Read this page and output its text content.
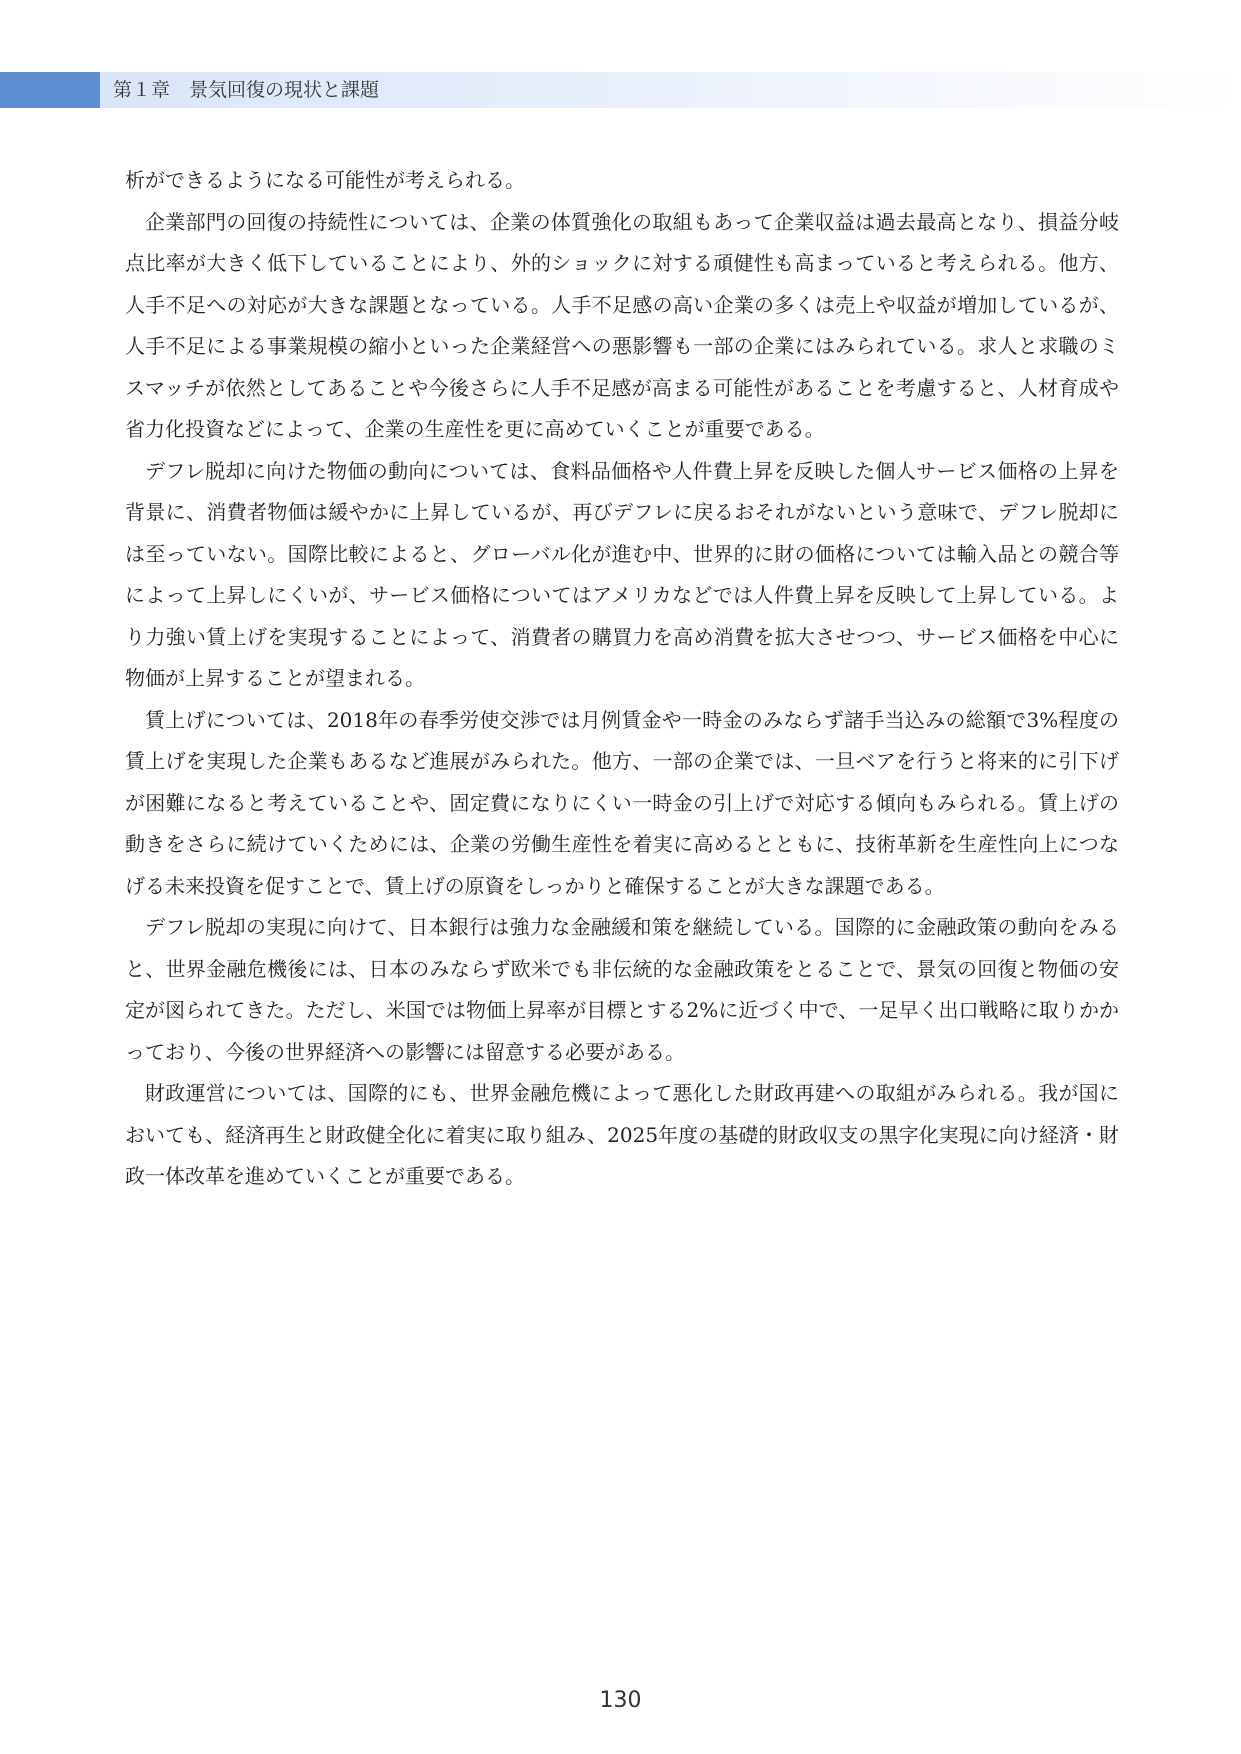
第１章　 景気回復の現状と課題

析ができるようになる可能性が考えられる。

企業部門の回復の持続性については、企業の体質強化の取組もあって企業収益は過去最高となり、損益分岐点比率が大きく低下していることにより、外的ショックに対する頑健性も高まっていると考えられる。他方、人手不足への対応が大きな課題となっている。人手不足感の高い企業の多くは売上や収益が増加しているが、人手不足による事業規模の縮小といった企業経営への悪影響も一部の企業にはみられている。求人と求職のミスマッチが依然としてあることや今後さらに人手不足感が高まる可能性があることを考慮すると、人材育成や省力化投資などによって、企業の生産性を更に高めていくことが重要である。

デフレ脱却に向けた物価の動向については、食料品価格や人件費上昇を反映した個人サービス価格の上昇を背景に、消費者物価は緩やかに上昇しているが、再びデフレに戻るおそれがないという意味で、デフレ脱却には至っていない。国際比較によると、グローバル化が進む中、世界的に財の価格については輸入品との競合等によって上昇しにくいが、サービス価格についてはアメリカなどでは人件費上昇を反映して上昇している。より力強い賃上げを実現することによって、消費者の購買力を高め消費を拡大させつつ、サービス価格を中心に物価が上昇することが望まれる。

賃上げについては、2018年の春季労使交渉では月例賃金や一時金のみならず諸手当込みの総額で3%程度の賃上げを実現した企業もあるなど進展がみられた。他方、一部の企業では、一旦ベアを行うと将来的に引下げが困難になると考えていることや、固定費になりにくい一時金の引上げで対応する傾向もみられる。賃上げの動きをさらに続けていくためには、企業の労働生産性を着実に高めるとともに、技術革新を生産性向上につなげる未来投資を促すことで、賃上げの原資をしっかりと確保することが大きな課題である。

デフレ脱却の実現に向けて、日本銀行は強力な金融緩和策を継続している。国際的に金融政策の動向をみると、世界金融危機後には、日本のみならず欧米でも非伝統的な金融政策をとることで、景気の回復と物価の安定が図られてきた。ただし、米国では物価上昇率が目標とする2%に近づく中で、一足早く出口戦略に取りかかっており、今後の世界経済への影響には留意する必要がある。

財政運営については、国際的にも、世界金融危機によって悪化した財政再建への取組がみられる。我が国においても、経済再生と財政健全化に着実に取り組み、2025年度の基礎的財政収支の黒字化実現に向け経済・財政一体改革を進めていくことが重要である。

130
